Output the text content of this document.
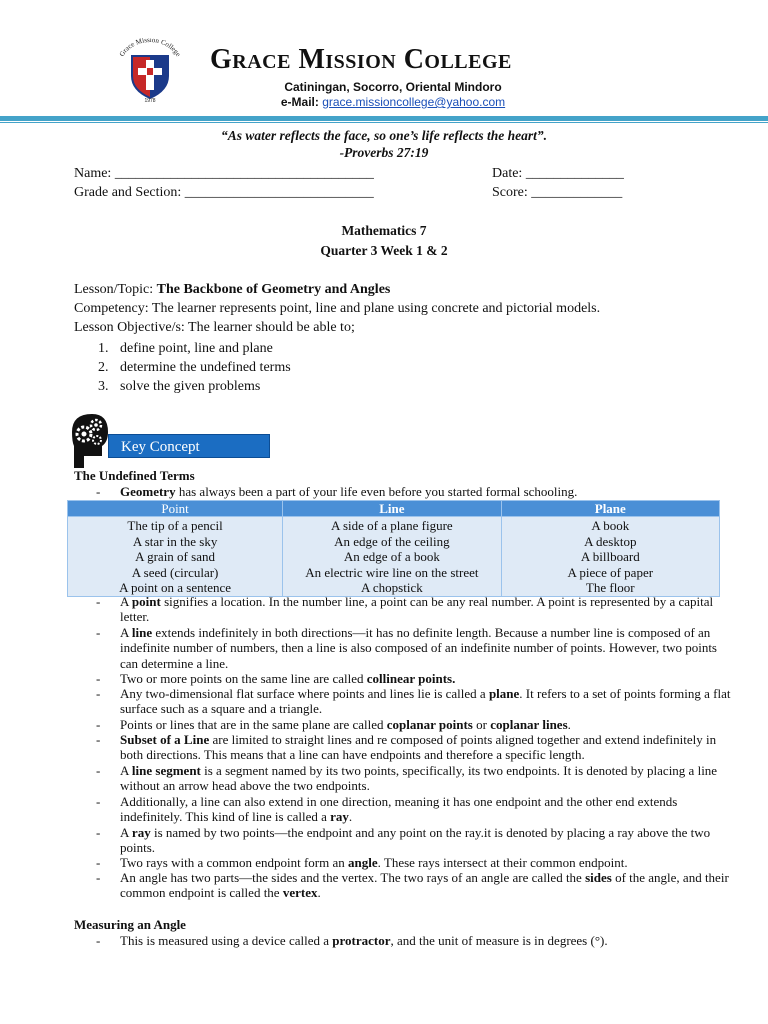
Grace Mission College
1978
Grace Mission College
Catiningan, Socorro, Oriental Mindoro
e-Mail: grace.missioncollege@yahoo.com
“As water reflects the face, so one’s life reflects the heart”.
-Proverbs 27:19
Name: _____________________________________	Date: ______________
Grade and Section: ___________________________	Score: _____________
Mathematics 7
Quarter 3 Week 1 & 2
Lesson/Topic: The Backbone of Geometry and Angles
Competency: The learner represents point, line and plane using concrete and pictorial models.
Lesson Objective/s: The learner should be able to;
1. define point, line and plane
2. determine the undefined terms
3. solve the given problems
Key Concept
The Undefined Terms
- Geometry has always been a part of your life even before you started formal schooling.
Point	Line	Plane
The tip of a pencil	A side of a plane figure	A book
A star in the sky	An edge of the ceiling	A desktop
A grain of sand	An edge of a book	A billboard
A seed (circular)	An electric wire line on the street	A piece of paper
A point on a sentence	A chopstick	The floor
- A point signifies a location. In the number line, a point can be any real number. A point is represented by a capital letter.
- A line extends indefinitely in both directions—it has no definite length. Because a number line is composed of an indefinite number of numbers, then a line is also composed of an indefinite number of points. However, two points can determine a line.
- Two or more points on the same line are called collinear points.
- Any two-dimensional flat surface where points and lines lie is called a plane. It refers to a set of points forming a flat surface such as a square and a triangle.
- Points or lines that are in the same plane are called coplanar points or coplanar lines.
- Subset of a Line are limited to straight lines and re composed of points aligned together and extend indefinitely in both directions. This means that a line can have endpoints and therefore a specific length.
- A line segment is a segment named by its two points, specifically, its two endpoints. It is denoted by placing a line without an arrow head above the two endpoints.
- Additionally, a line can also extend in one direction, meaning it has one endpoint and the other end extends indefinitely. This kind of line is called a ray.
- A ray is named by two points—the endpoint and any point on the ray.it is denoted by placing a ray above the two points.
- Two rays with a common endpoint form an angle. These rays intersect at their common endpoint.
- An angle has two parts—the sides and the vertex. The two rays of an angle are called the sides of the angle, and their common endpoint is called the vertex.
Measuring an Angle
- This is measured using a device called a protractor, and the unit of measure is in degrees (°).
